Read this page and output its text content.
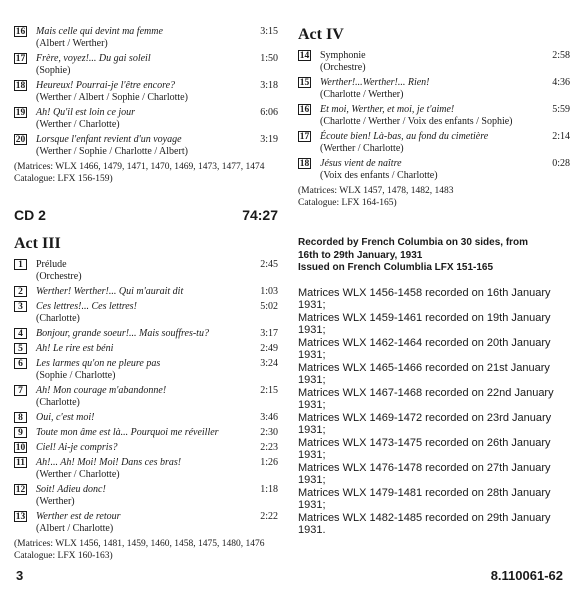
16 Mais celle qui devint ma femme	3:15
(Albert / Werther)
17 Frère, voyez!... Du gai soleil	1:50
(Sophie)
18 Heureux! Pourrai-je l'être encore?	3:18
(Werther / Albert / Sophie / Charlotte)
19 Ah! Qu'il est loin ce jour	6:06
(Werther / Charlotte)
20 Lorsque l'enfant revient d'un voyage	3:19
(Werther / Sophie / Charlotte / Albert)
(Matrices: WLX 1466, 1479, 1471, 1470, 1469, 1473, 1477, 1474
Catalogue: LFX 156-159)
CD 2	74:27
Act III
1	Prélude	2:45
(Orchestre)
2	Werther! Werther!... Qui m'aurait dit	1:03
3	Ces lettres!... Ces lettres!	5:02
(Charlotte)
4	Bonjour, grande soeur!... Mais souffres-tu?	3:17
5	Ah! Le rire est béni	2:49
6	Les larmes qu'on ne pleure pas	3:24
(Sophie / Charlotte)
7	Ah! Mon courage m'abandonne!	2:15
(Charlotte)
8	Oui, c'est moi!	3:46
9	Toute mon âme est là... Pourquoi me réveiller	2:30
10 Ciel! Ai-je compris?	2:23
11 Ah!... Ah! Moi! Moi! Dans ces bras!	1:26
(Werther / Charlotte)
12 Soit! Adieu donc!	1:18
(Werther)
13 Werther est de retour	2:22
(Albert / Charlotte)
(Matrices: WLX 1456, 1481, 1459, 1460, 1458, 1475, 1480, 1476
Catalogue: LFX 160-163)
Act IV
14 Symphonie	2:58
(Orchestre)
15 Werther!...Werther!... Rien!	4:36
(Charlotte / Werther)
16 Et moi, Werther, et moi, je t'aime!	5:59
(Charlotte / Werther / Voix des enfants / Sophie)
17 Écoute bien! Là-bas, au fond du cimetière	2:14
(Werther / Charlotte)
18 Jésus vient de naître	0:28
(Voix des enfants / Charlotte)
(Matrices: WLX 1457, 1478, 1482, 1483
Catalogue: LFX 164-165)
Recorded by French Columbia on 30 sides, from
16th to 29th January, 1931
Issued on French Columblia LFX 151-165
Matrices WLX 1456-1458 recorded on 16th January 1931;
Matrices WLX 1459-1461 recorded on 19th January 1931;
Matrices WLX 1462-1464 recorded on 20th January 1931;
Matrices WLX 1465-1466 recorded on 21st January 1931;
Matrices WLX 1467-1468 recorded on 22nd January 1931;
Matrices WLX 1469-1472 recorded on 23rd January 1931;
Matrices WLX 1473-1475 recorded on 26th January 1931;
Matrices WLX 1476-1478 recorded on 27th January 1931;
Matrices WLX 1479-1481 recorded on 28th January 1931;
Matrices WLX 1482-1485 recorded on 29th January 1931.
3	8.110061-62
